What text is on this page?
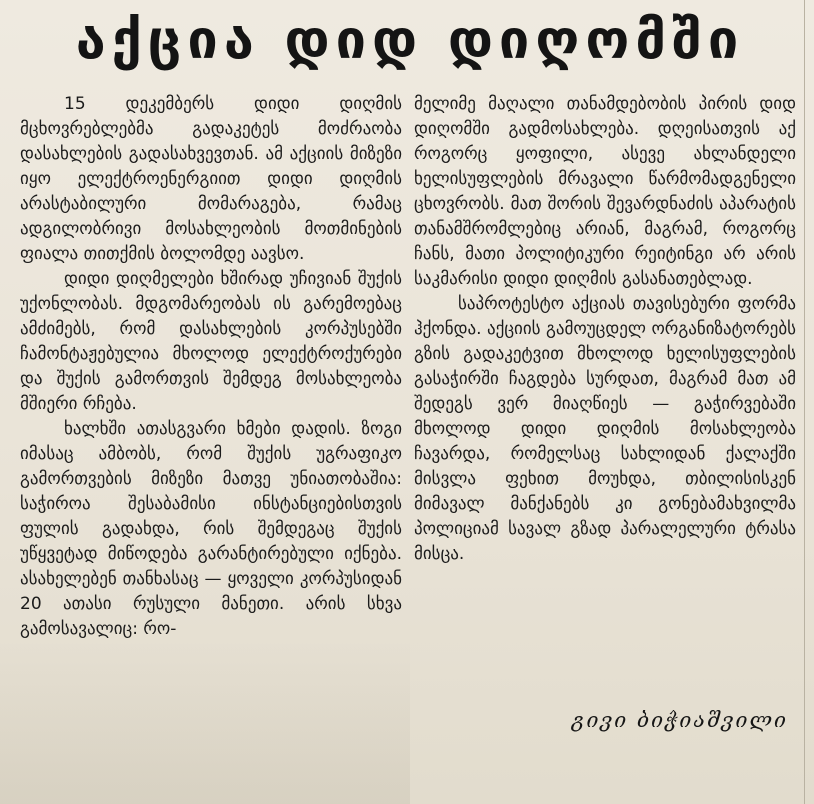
აქცია დიდ დიღომში

15 დეკემბერს დიდი დიღმის მცხოვრებლებმა გადაკეტეს მოძრაობა დასახლების გადასახვევთან. ამ აქციის მიზეზი იყო ელექტროენერგიით დიდი დიღმის არასტაბილური მომარაგება, რამაც ადგილობრივი მოსახლეობის მოთმინების ფიალა თითქმის ბოლომდე აავსო.

დიდი დიღმელები ხშირად უჩივიან შუქის უქონლობას. მდგომარეობას ის გარემოებაც ამძიმებს, რომ დასახლების კორპუსებში ჩამონტაჟებულია მხოლოდ ელექტროქურები და შუქის გამორთვის შემდეგ მოსახლეობა მშიერი რჩება.

ხალხში ათასგვარი ხმები დადის. ზოგი იმასაც ამბობს, რომ შუქის უგრაფიკო გამორთვების მიზეზი მათვე უნიათობაშია: საჭიროა შესაბამისი ინსტანციებისთვის ფულის გადახდა, რის შემდეგაც შუქის უწყვეტად მიწოდება გარანტირებული იქნება. ასახელებენ თანხასაც — ყოველი კორპუსიდან 20 ათასი რუსული მანეთი. არის სხვა გამოსავალიც: რო-

მელიმე მაღალი თანამდებობის პირის დიდ დიღომში გადმოსახლება. დღეისათვის აქ როგორც ყოფილი, ასევე ახლანდელი ხელისუფლების მრავალი წარმომადგენელი ცხოვრობს. მათ შორის შევარდნაძის აპარატის თანამშრომლებიც არიან, მაგრამ, როგორც ჩანს, მათი პოლიტიკური რეიტინგი არ არის საკმარისი დიდი დიღმის გასანათებლად.

საპროტესტო აქციას თავისებური ფორმა ჰქონდა. აქციის გამოუცდელ ორგანიზატორებს გზის გადაკეტვით მხოლოდ ხელისუფლების გასაჭირში ჩაგდება სურდათ, მაგრამ მათ ამ შედეგს ვერ მიაღწიეს — გაჭირვებაში მხოლოდ დიდი დიღმის მოსახლეობა ჩავარდა, რომელსაც სახლიდან ქალაქში მისვლა ფეხით მოუხდა, თბილისისკენ მიმავალ მანქანებს კი გონებამახვილმა პოლიციამ სავალ გზად პარალელური ტრასა მისცა.

გივი ბიჭიაშვილი
